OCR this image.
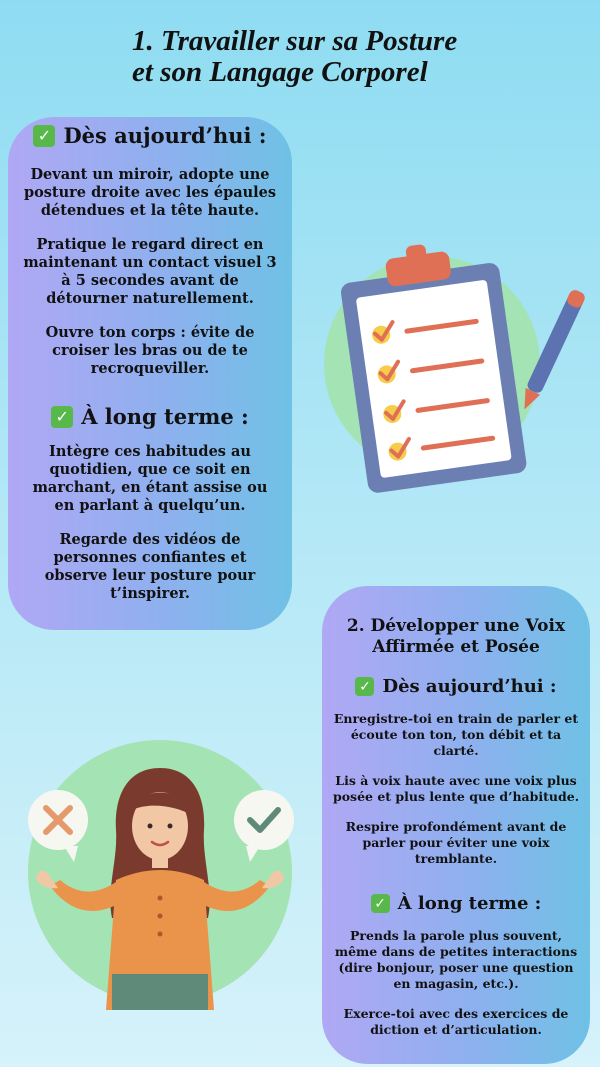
1. Travailler sur sa Posture
et son Langage Corporel
✓ Dès aujourd’hui :
Devant un miroir, adopte une posture droite avec les épaules détendues et la tête haute.
Pratique le regard direct en maintenant un contact visuel 3 à 5 secondes avant de détourner naturellement.
Ouvre ton corps : évite de croiser les bras ou de te recroqueviller.
✓ À long terme :
Intègre ces habitudes au quotidien, que ce soit en marchant, en étant assise ou en parlant à quelqu’un.
Regarde des vidéos de personnes confiantes et observe leur posture pour t’inspirer.
2. Développer une Voix
Affirmée et Posée
✓ Dès aujourd’hui :
Enregistre-toi en train de parler et écoute ton ton, ton débit et ta clarté.
Lis à voix haute avec une voix plus posée et plus lente que d’habitude.
Respire profondément avant de parler pour éviter une voix tremblante.
✓ À long terme :
Prends la parole plus souvent, même dans de petites interactions (dire bonjour, poser une question en magasin, etc.).
Exerce-toi avec des exercices de diction et d’articulation.
